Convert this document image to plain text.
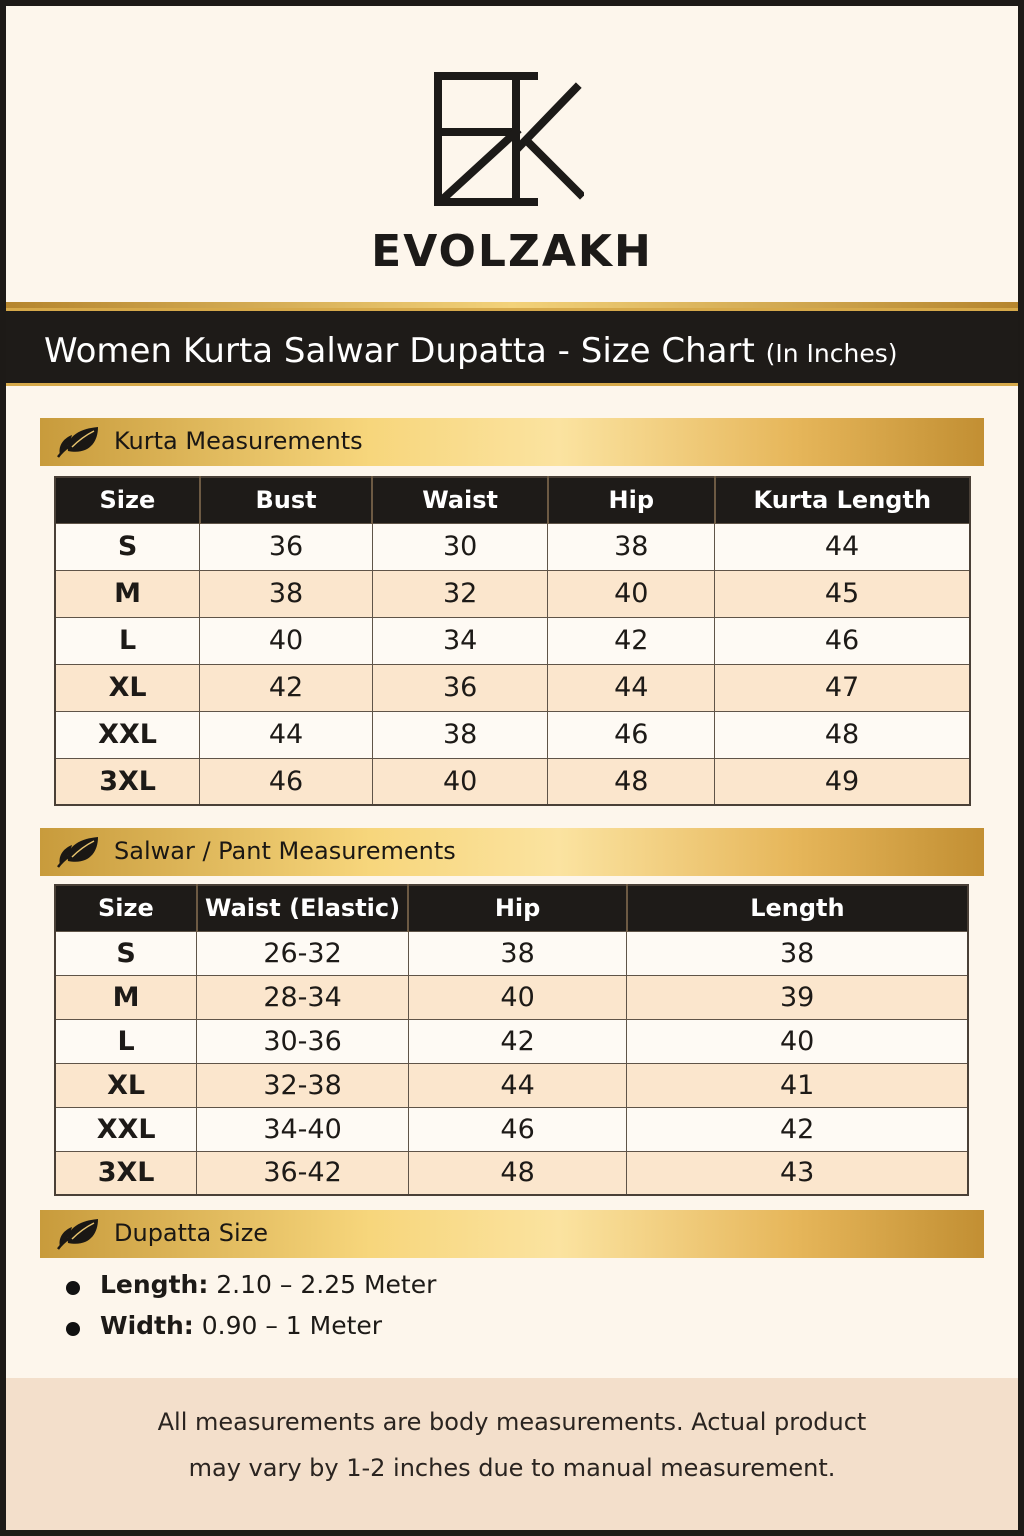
EVOLZAKH
Women Kurta Salwar Dupatta - Size Chart (In Inches)
Kurta Measurements
Size	Bust	Waist	Hip	Kurta Length
S	36	30	38	44
M	38	32	40	45
L	40	34	42	46
XL	42	36	44	47
XXL	44	38	46	48
3XL	46	40	48	49
Salwar / Pant Measurements
Size	Waist (Elastic)	Hip	Length
S	26-32	38	38
M	28-34	40	39
L	30-36	42	40
XL	32-38	44	41
XXL	34-40	46	42
3XL	36-42	48	43
Dupatta Size
Length: 2.10 – 2.25 Meter
Width: 0.90 – 1 Meter

All measurements are body measurements. Actual product

may vary by 1-2 inches due to manual measurement.
